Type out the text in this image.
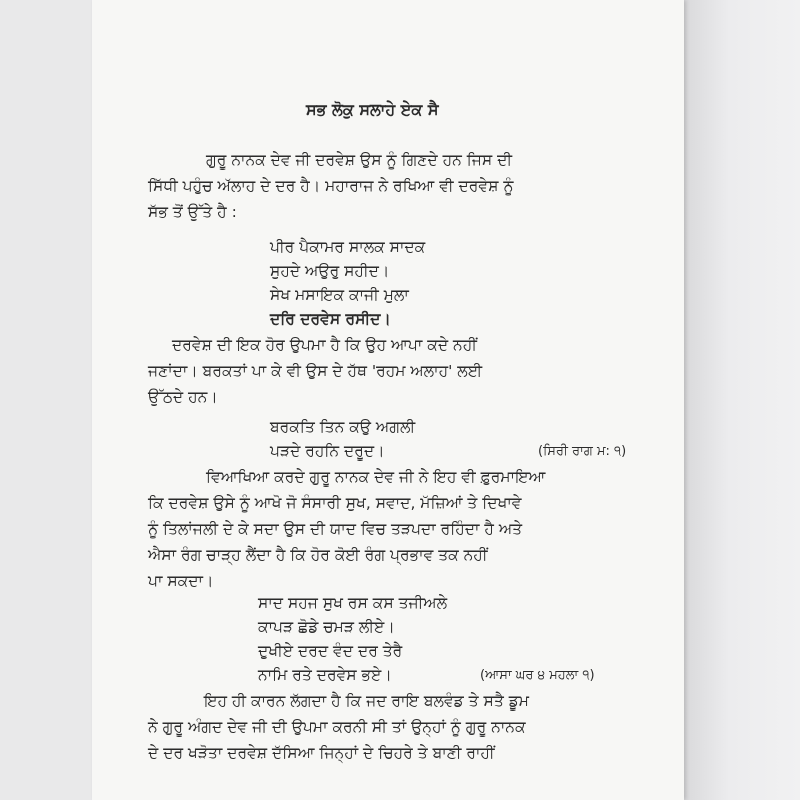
ਸਭ ਲੋਕੁ ਸਲਾਹੇ ਏਕ ਸੈ
ਗੁਰੂ ਨਾਨਕ ਦੇਵ ਜੀ ਦਰਵੇਸ਼ ਉਸ ਨੂੰ ਗਿਣਦੇ ਹਨ ਜਿਸ ਦੀ
ਸਿੱਧੀ ਪਹੁੰਚ ਅੱਲਾਹ ਦੇ ਦਰ ਹੈ। ਮਹਾਰਾਜ ਨੇ ਰਖਿਆ ਵੀ ਦਰਵੇਸ਼ ਨੂੰ
ਸੱਭ ਤੋਂ ਉੱਤੇ ਹੈ :
ਪੀਰ ਪੈਕਾਮਰ ਸਾਲਕ ਸਾਦਕ
ਸੁਹਦੇ ਅਉਰੁ ਸਹੀਦ।
ਸੇਖ ਮਸਾਇਕ ਕਾਜੀ ਮੁਲਾ
ਦਰਿ ਦਰਵੇਸ ਰਸੀਦ।
ਦਰਵੇਸ਼ ਦੀ ਇਕ ਹੋਰ ਉਪਮਾ ਹੈ ਕਿ ਉਹ ਆਪਾ ਕਦੇ ਨਹੀਂ
ਜਣਾਂਦਾ। ਬਰਕਤਾਂ ਪਾ ਕੇ ਵੀ ਉਸ ਦੇ ਹੱਥ 'ਰਹਮ ਅਲਾਹ' ਲਈ
ਉੱਠਦੇ ਹਨ।
ਬਰਕਤਿ ਤਿਨ ਕਉ ਅਗਲੀ
ਪੜਦੇ ਰਹਨਿ ਦਰੂਦ।	(ਸਿਰੀ ਰਾਗ ਮ: ੧)
ਵਿਆਖਿਆ ਕਰਦੇ ਗੁਰੂ ਨਾਨਕ ਦੇਵ ਜੀ ਨੇ ਇਹ ਵੀ ਫ਼ੁਰਮਾਇਆ
ਕਿ ਦਰਵੇਸ਼ ਉਸੇ ਨੂੰ ਆਖੋ ਜੋ ਸੰਸਾਰੀ ਸੁਖ, ਸਵਾਦ, ਮੱਜ਼ਿਆਂ ਤੇ ਦਿਖਾਵੇ
ਨੂੰ ਤਿਲਾਂਜਲੀ ਦੇ ਕੇ ਸਦਾ ਉਸ ਦੀ ਯਾਦ ਵਿਚ ਤੜਪਦਾ ਰਹਿੰਦਾ ਹੈ ਅਤੇ
ਐਸਾ ਰੰਗ ਚਾੜ੍ਹ ਲੈਂਦਾ ਹੈ ਕਿ ਹੋਰ ਕੋਈ ਰੰਗ ਪ੍ਰਭਾਵ ਤਕ ਨਹੀਂ
ਪਾ ਸਕਦਾ।
ਸਾਦ ਸਹਜ ਸੁਖ ਰਸ ਕਸ ਤਜੀਅਲੇ
ਕਾਪੜ ਛੋਡੇ ਚਮੜ ਲੀਏ।
ਦੁਖੀਏ ਦਰਦ ਵੰਦ ਦਰ ਤੇਰੈ
ਨਾਮਿ ਰਤੇ ਦਰਵੇਸ ਭਏ।	(ਆਸਾ ਘਰ ੪ ਮਹਲਾ ੧)
ਇਹ ਹੀ ਕਾਰਨ ਲੱਗਦਾ ਹੈ ਕਿ ਜਦ ਰਾਇ ਬਲਵੰਡ ਤੇ ਸਤੈ ਡੂਮ
ਨੇ ਗੁਰੂ ਅੰਗਦ ਦੇਵ ਜੀ ਦੀ ਉਪਮਾ ਕਰਨੀ ਸੀ ਤਾਂ ਉਨ੍ਹਾਂ ਨੂੰ ਗੁਰੂ ਨਾਨਕ
ਦੇ ਦਰ ਖੜੋਤਾ ਦਰਵੇਸ਼ ਦੱਸਿਆ ਜਿਨ੍ਹਾਂ ਦੇ ਚਿਹਰੇ ਤੇ ਬਾਣੀ ਰਾਹੀਂ
